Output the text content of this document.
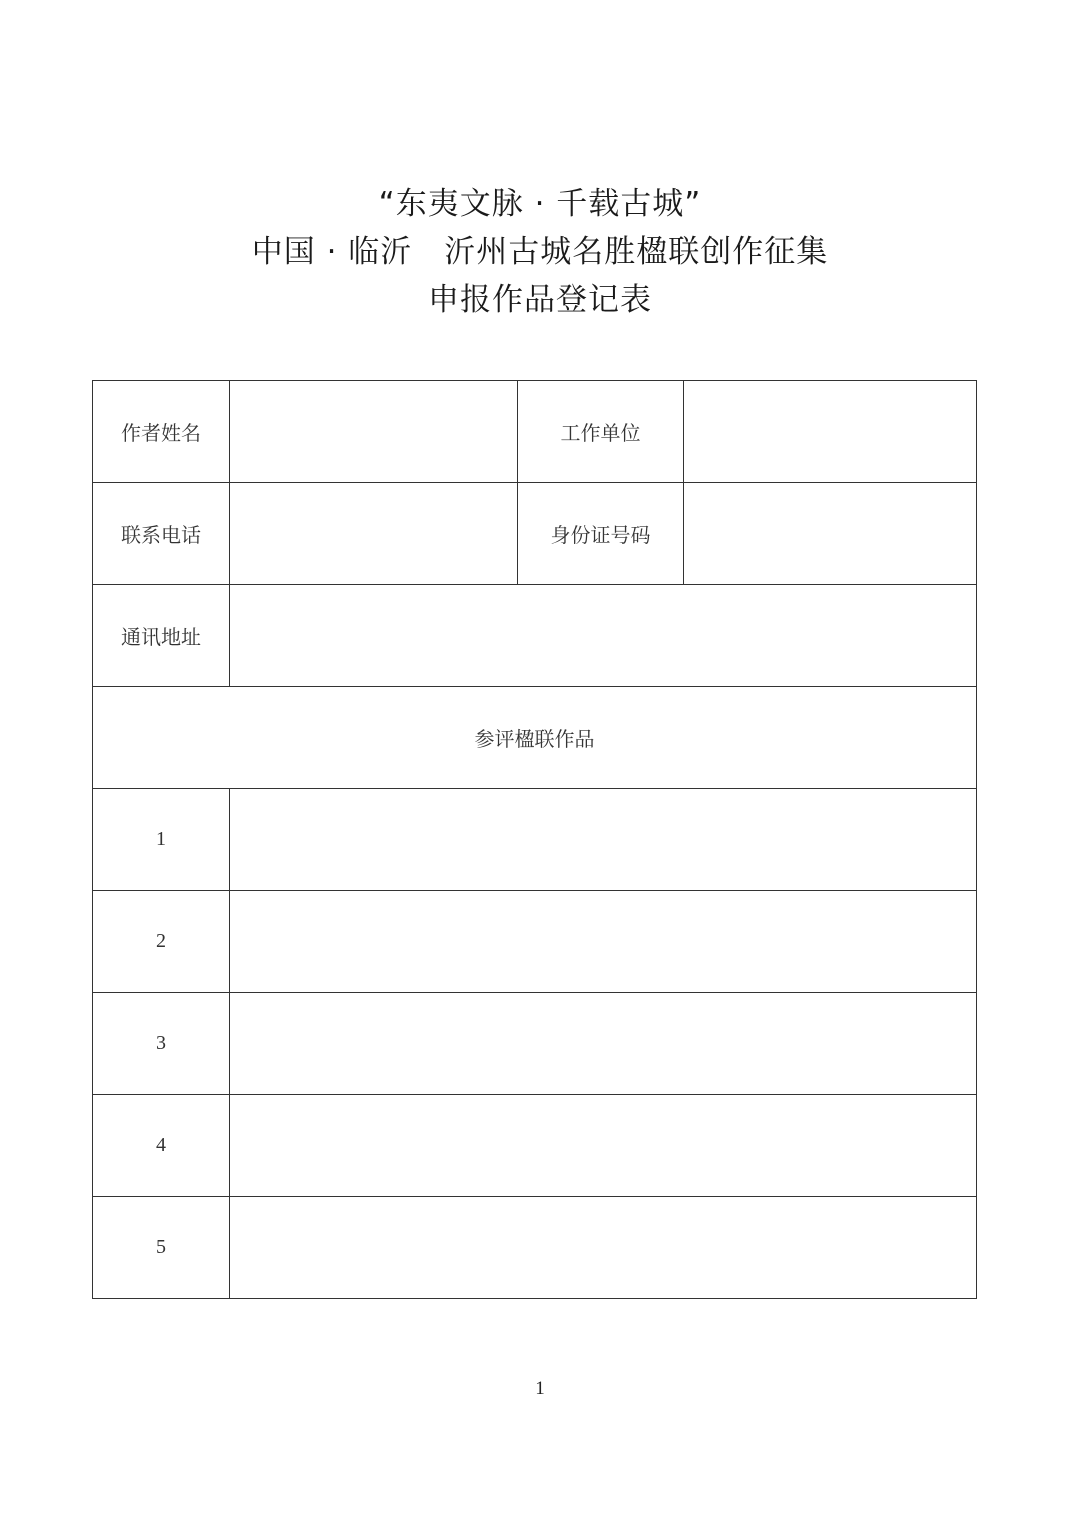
“东夷文脉 · 千载古城”
中国 · 临沂　沂州古城名胜楹联创作征集
申报作品登记表
作者姓名		工作单位	
联系电话		身份证号码	
通讯地址			
参评楹联作品			
1			
2			
3			
4			
5			
1
